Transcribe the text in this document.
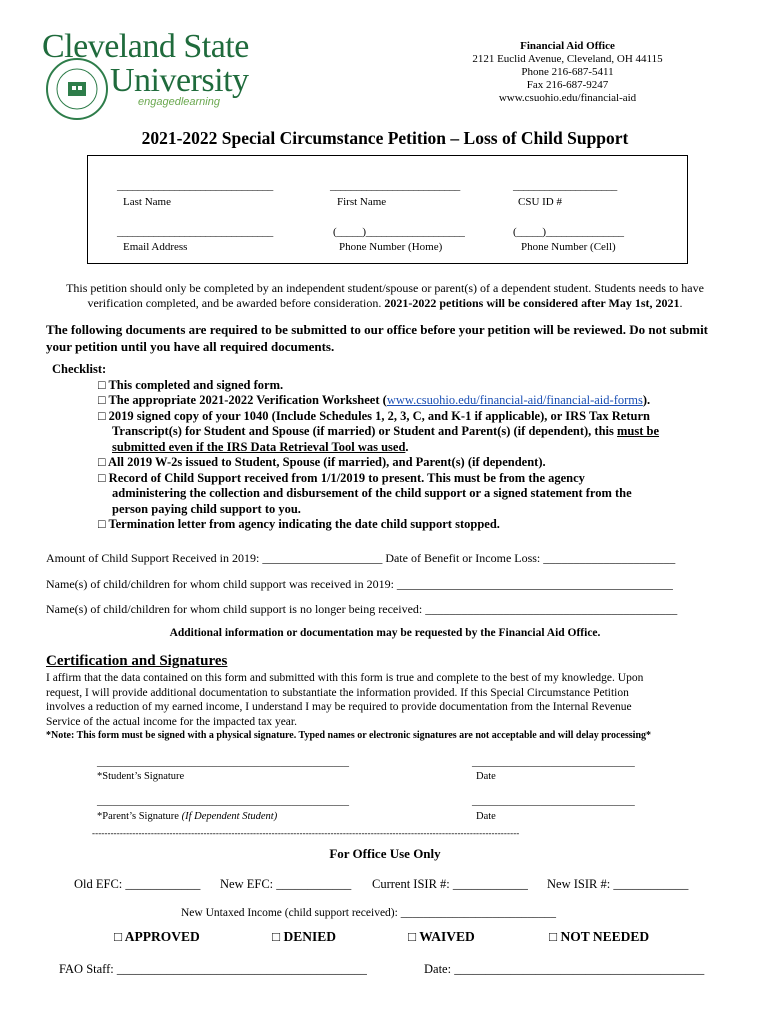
Cleveland State
University
engagedlearning
Financial Aid Office
2121 Euclid Avenue, Cleveland, OH 44115
Phone 216-687-5411
Fax 216-687-9247
www.csuohio.edu/financial-aid
2021-2022 Special Circumstance Petition – Loss of Child Support
______________________________	_________________________	____________________
Last Name	First Name	CSU ID #
______________________________	(_____)___________________	(_____)_______________
Email Address	Phone Number (Home)	Phone Number (Cell)
This petition should only be completed by an independent student/spouse or parent(s) of a dependent student. Students needs to have
verification completed, and be awarded before consideration. 2021-2022 petitions will be considered after May 1st, 2021.
The following documents are required to be submitted to our office before your petition will be reviewed. Do not submit your petition until you have all required documents.
Checklist:
□ This completed and signed form.
□ The appropriate 2021-2022 Verification Worksheet (www.csuohio.edu/financial-aid/financial-aid-forms).
□ 2019 signed copy of your 1040 (Include Schedules 1, 2, 3, C, and K-1 if applicable), or IRS Tax Return
Transcript(s) for Student and Spouse (if married) or Student and Parent(s) (if dependent), this must be
submitted even if the IRS Data Retrieval Tool was used.
□ All 2019 W-2s issued to Student, Spouse (if married), and Parent(s) (if dependent).
□ Record of Child Support received from 1/1/2019 to present. This must be from the agency
administering the collection and disbursement of the child support or a signed statement from the
person paying child support to you.
□ Termination letter from agency indicating the date child support stopped.
Amount of Child Support Received in 2019: ____________________ Date of Benefit or Income Loss: ______________________
Name(s) of child/children for whom child support was received in 2019: ______________________________________________
Name(s) of child/children for whom child support is no longer being received: __________________________________________
Additional information or documentation may be requested by the Financial Aid Office.
Certification and Signatures
I affirm that the data contained on this form and submitted with this form is true and complete to the best of my knowledge. Upon
request, I will provide additional documentation to substantiate the information provided. If this Special Circumstance Petition
involves a reduction of my earned income, I understand I may be required to provide documentation from the Internal Revenue
Service of the actual income for the impacted tax year.
*Note: This form must be signed with a physical signature. Typed names or electronic signatures are not acceptable and will delay processing*
________________________________________________	_______________________________
*Student’s Signature	Date
________________________________________________	_______________________________
*Parent’s Signature (If Dependent Student)	Date
------------------------------------------------------------------------------------------------------------------------------------------
For Office Use Only
Old EFC: ____________ New EFC: ____________ Current ISIR #: ____________ New ISIR #: ____________
New Untaxed Income (child support received): ___________________________
□ APPROVED	□ DENIED	□ WAIVED	□ NOT NEEDED
FAO Staff: ________________________________________	Date: ________________________________________
